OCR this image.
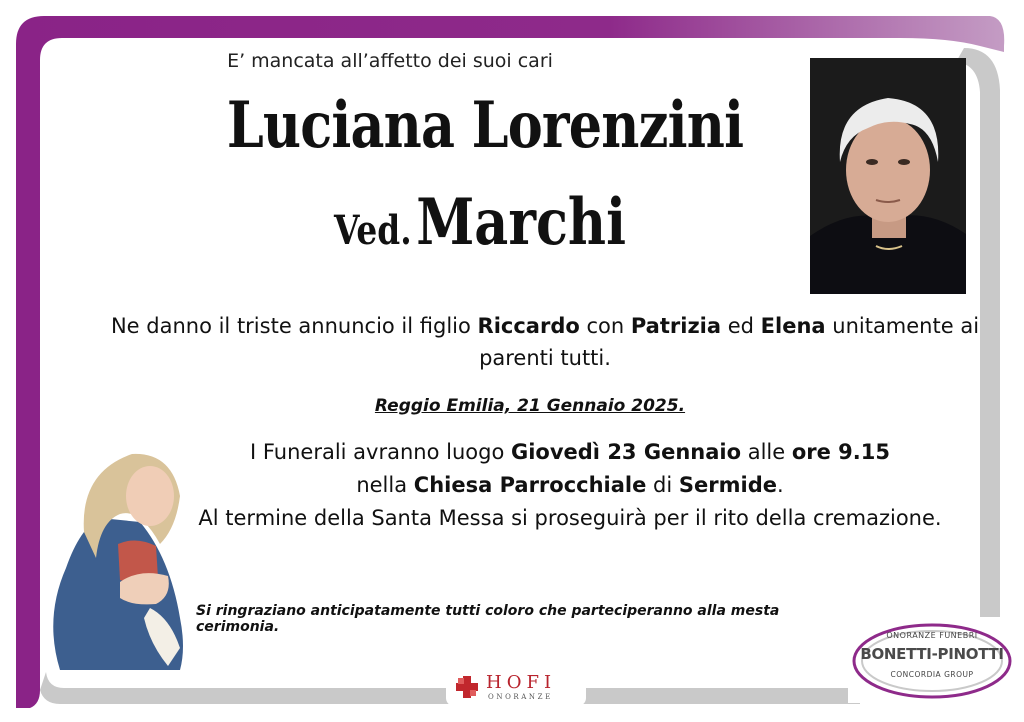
E’ mancata all’affetto dei suoi cari
Luciana Lorenzini
Ved. Marchi
Ne danno il triste annuncio il figlio Riccardo con Patrizia ed Elena unitamente ai parenti tutti.
Reggio Emilia, 21 Gennaio 2025.
I Funerali avranno luogo Giovedì 23 Gennaio alle ore 9.15
nella Chiesa Parrocchiale di Sermide.
Al termine della Santa Messa si proseguirà per il rito della cremazione.
Si ringraziano anticipatamente tutti coloro che parteciperanno alla mesta cerimonia.
HOFI
ONORANZE
ONORANZE FUNEBRI
BONETTI-PINOTTI
CONCORDIA GROUP
